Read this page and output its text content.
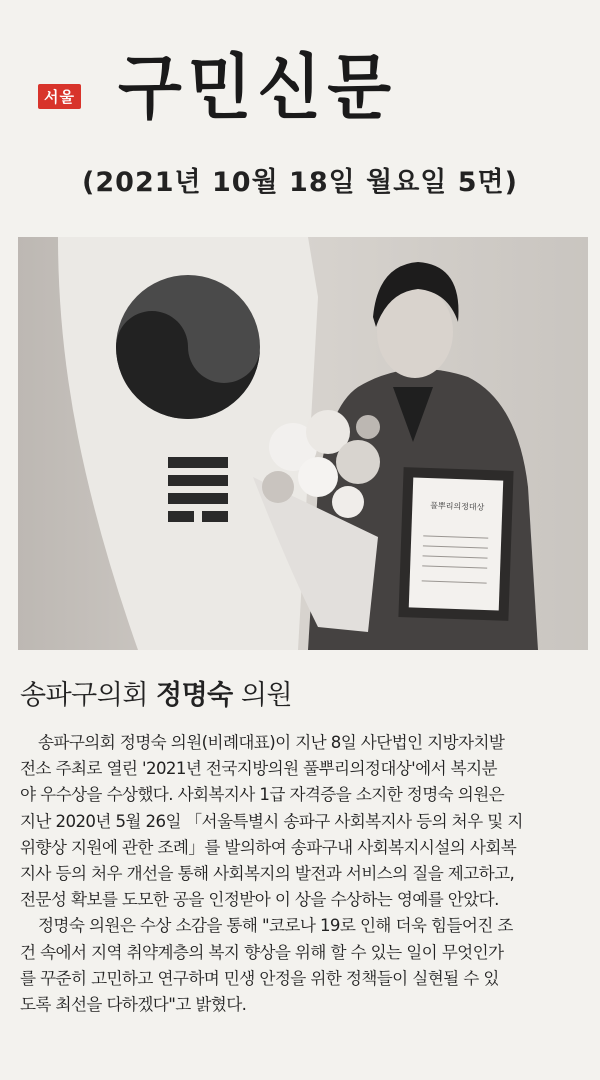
서울 구민신문
(2021년 10월 18일 월요일 5면)
풀뿌리의정대상
송파구의회 정명숙 의원

송파구의회 정명숙 의원(비례대표)이 지난 8일 사단법인 지방자치발
전소 주최로 열린 '2021년 전국지방의원 풀뿌리의정대상'에서 복지분
야 우수상을 수상했다. 사회복지사 1급 자격증을 소지한 정명숙 의원은
지난 2020년 5월 26일 「서울특별시 송파구 사회복지사 등의 처우 및 지
위향상 지원에 관한 조례」를 발의하여 송파구내 사회복지시설의 사회복
지사 등의 처우 개선을 통해 사회복지의 발전과 서비스의 질을 제고하고,
전문성 확보를 도모한 공을 인정받아 이 상을 수상하는 영예를 안았다.

정명숙 의원은 수상 소감을 통해 "코로나 19로 인해 더욱 힘들어진 조
건 속에서 지역 취약계층의 복지 향상을 위해 할 수 있는 일이 무엇인가
를 꾸준히 고민하고 연구하며 민생 안정을 위한 정책들이 실현될 수 있
도록 최선을 다하겠다"고 밝혔다.
